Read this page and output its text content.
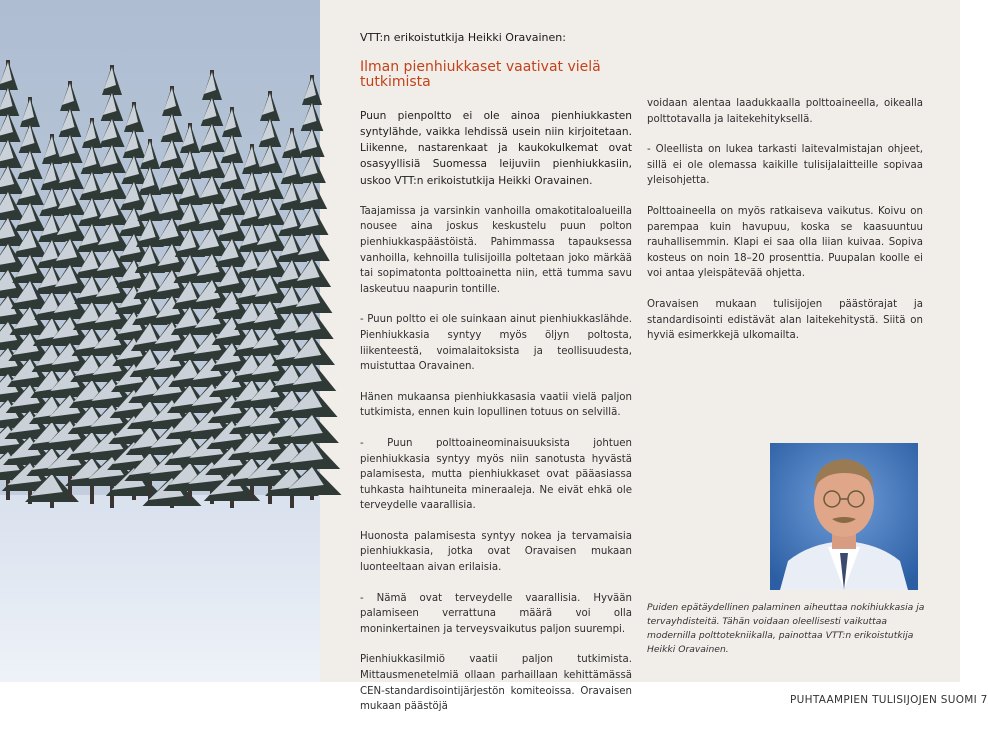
VTT:n erikoistutkija Heikki Oravainen:
Ilman pienhiukkaset vaativat vielä tutkimista

Puun pienpoltto ei ole ainoa pienhiukkasten syntylähde, vaikka lehdissä usein niin kirjoitetaan. Liikenne, nastarenkaat ja kaukokulkemat ovat osasyyllisiä Suomessa leijuviin pienhiukkasiin, uskoo VTT:n erikoistutkija Heikki Oravainen.

Taajamissa ja varsinkin vanhoilla omakotitaloalueilla nousee aina joskus keskustelu puun polton pienhiukkaspäästöistä. Pahimmassa tapauksessa vanhoilla, kehnoilla tulisijoilla poltetaan joko märkää tai sopimatonta polttoainetta niin, että tumma savu laskeutuu naapurin tontille.

- Puun poltto ei ole suinkaan ainut pienhiukkaslähde. Pienhiukkasia syntyy myös öljyn poltosta, liikenteestä, voimalaitoksista ja teollisuudesta, muistuttaa Oravainen.

Hänen mukaansa pienhiukkasasia vaatii vielä paljon tutkimista, ennen kuin lopullinen totuus on selvillä.

- Puun polttoaineominaisuuksista johtuen pienhiukkasia syntyy myös niin sanotusta hyvästä palamisesta, mutta pienhiukkaset ovat pääasiassa tuhkasta haihtuneita mineraaleja. Ne eivät ehkä ole terveydelle vaarallisia.

Huonosta palamisesta syntyy nokea ja tervamaisia pienhiukkasia, jotka ovat Oravaisen mukaan luonteeltaan aivan erilaisia.

- Nämä ovat terveydelle vaarallisia. Hyvään palamiseen verrattuna määrä voi olla moninkertainen ja terveysvaikutus paljon suurempi.

Pienhiukkasilmiö vaatii paljon tutkimista. Mittausmenetelmiä ollaan parhaillaan kehittämässä CEN-standardisointijärjestön komiteoissa. Oravaisen mukaan päästöjä

voidaan alentaa laadukkaalla polttoaineella, oikealla polttotavalla ja laitekehityksellä.

- Oleellista on lukea tarkasti laitevalmistajan ohjeet, sillä ei ole olemassa kaikille tulisijalaitteille sopivaa yleisohjetta.

Polttoaineella on myös ratkaiseva vaikutus. Koivu on parempaa kuin havupuu, koska se kaasuuntuu rauhallisemmin. Klapi ei saa olla liian kuivaa. Sopiva kosteus on noin 18–20 prosenttia. Puupalan koolle ei voi antaa yleispätevää ohjetta.

Oravaisen mukaan tulisijojen päästörajat ja standardisointi edistävät alan laitekehitystä. Siitä on hyviä esimerkkejä ulkomailta.

Puiden epätäydellinen palaminen aiheuttaa nokihiukkasia ja tervayhdisteitä. Tähän voidaan oleellisesti vaikuttaa modernilla polttotekniikalla, painottaa VTT:n erikoistutkija Heikki Oravainen.
PUHTAAMPIEN TULISIJOJEN SUOMI 7
